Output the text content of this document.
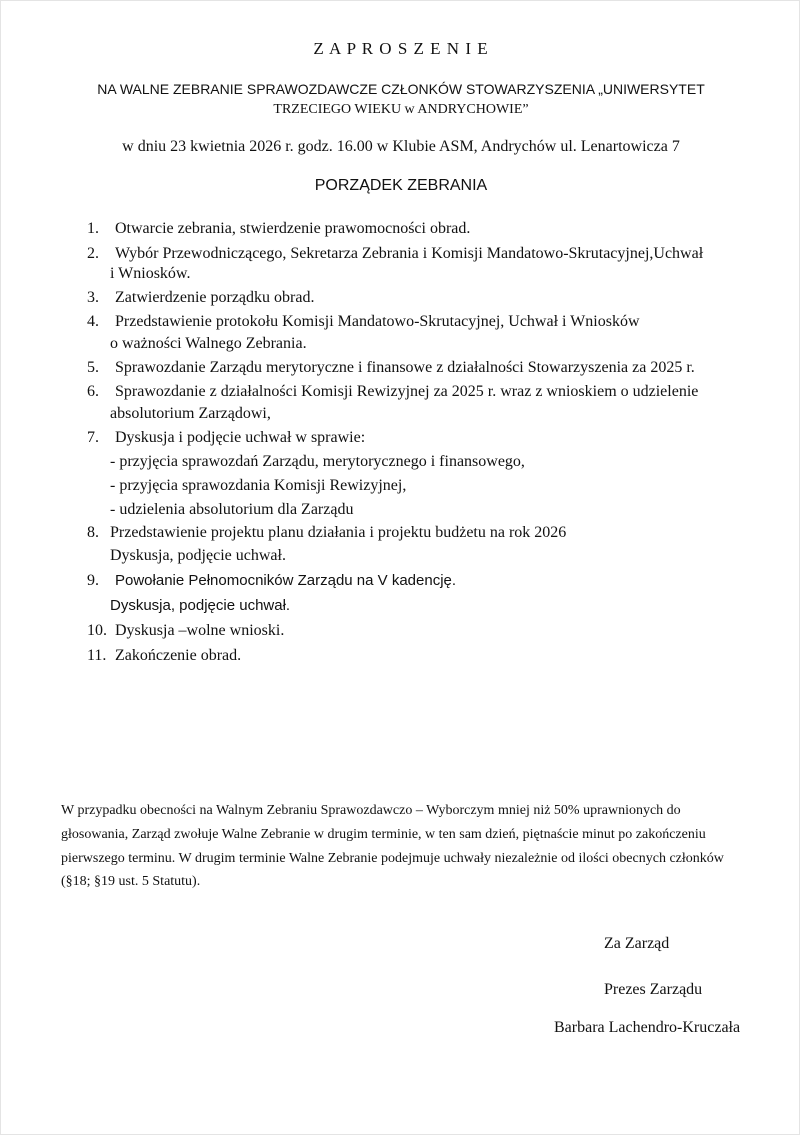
Z A P R O S Z E N I E
NA WALNE ZEBRANIE SPRAWOZDAWCZE CZŁONKÓW STOWARZYSZENIA „UNIWERSYTET
TRZECIEGO WIEKU w ANDRYCHOWIE”
w dniu 23 kwietnia 2026 r. godz. 16.00 w Klubie ASM, Andrychów ul. Lenartowicza 7
PORZĄDEK ZEBRANIA
1. Otwarcie zebrania, stwierdzenie prawomocności obrad.
2. Wybór Przewodniczącego, Sekretarza Zebrania i Komisji Mandatowo-Skrutacyjnej,Uchwał
i Wniosków.
3. Zatwierdzenie porządku obrad.
4. Przedstawienie protokołu Komisji Mandatowo-Skrutacyjnej, Uchwał i Wniosków
o ważności Walnego Zebrania.
5. Sprawozdanie Zarządu merytoryczne i finansowe z działalności Stowarzyszenia za 2025 r.
6. Sprawozdanie z działalności Komisji Rewizyjnej za 2025 r. wraz z wnioskiem o udzielenie
absolutorium Zarządowi,
7. Dyskusja i podjęcie uchwał w sprawie:
- przyjęcia sprawozdań Zarządu, merytorycznego i finansowego,
- przyjęcia sprawozdania Komisji Rewizyjnej,
- udzielenia absolutorium dla Zarządu
8. Przedstawienie projektu planu działania i projektu budżetu na rok 2026
Dyskusja, podjęcie uchwał.
9. Powołanie Pełnomocników Zarządu na V kadencję.
Dyskusja, podjęcie uchwał.
10. Dyskusja –wolne wnioski.
11. Zakończenie obrad.
W przypadku obecności na Walnym Zebraniu Sprawozdawczo – Wyborczym mniej niż 50% uprawnionych do
głosowania, Zarząd zwołuje Walne Zebranie w drugim terminie, w ten sam dzień, piętnaście minut po zakończeniu
pierwszego terminu. W drugim terminie Walne Zebranie podejmuje uchwały niezależnie od ilości obecnych członków
(§18; §19 ust. 5 Statutu).
Za Zarząd
Prezes Zarządu
Barbara Lachendro-Kruczała
